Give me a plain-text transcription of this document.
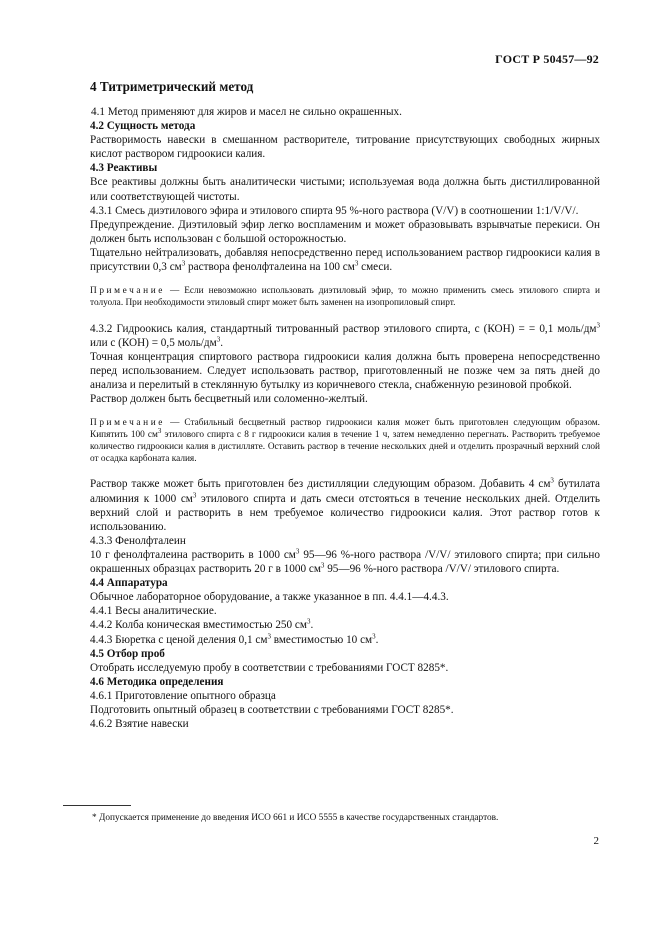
ГОСТ Р 50457—92

4 Титриметрический метод

4.1 Метод применяют для жиров и масел не сильно окрашенных.

4.2 Сущность метода

Растворимость навески в смешанном растворителе, титрование присутствующих свободных жирных кислот раствором гидроокиси калия.

4.3 Реактивы

Все реактивы должны быть аналитически чистыми; используемая вода должна быть дистиллированной или соответствующей чистоты.

4.3.1 Смесь диэтилового эфира и этилового спирта 95 %-ного раствора (V/V) в соотношении 1:1/V/V/.

Предупреждение. Диэтиловый эфир легко воспламеним и может образовывать взрывчатые перекиси. Он должен быть использован с большой осторожностью.

Тщательно нейтрализовать, добавляя непосредственно перед использованием раствор гидроокиси калия в присутствии 0,3 $см^3$ раствора фенолфталеина на 100 $см^3$ смеси.

Примечание — Если невозможно использовать диэтиловый эфир, то можно применить смесь этилового спирта и толуола. При необходимости этиловый спирт может быть заменен на изопропиловый спирт.

4.3.2 Гидроокись калия, стандартный титрованный раствор этилового спирта, с (КОН) = = 0,1 моль/$дм^3$ или с (КОН) = 0,5 моль/$дм^3$.

Точная концентрация спиртового раствора гидроокиси калия должна быть проверена непосредственно перед использованием. Следует использовать раствор, приготовленный не позже чем за пять дней до анализа и перелитый в стеклянную бутылку из коричневого стекла, снабженную резиновой пробкой.

Раствор должен быть бесцветный или соломенно-желтый.

Примечание — Стабильный бесцветный раствор гидроокиси калия может быть приготовлен следующим образом. Кипятить 100 $см^3$ этилового спирта с 8 г гидроокиси калия в течение 1 ч, затем немедленно перегнать. Растворить требуемое количество гидроокиси калия в дистилляте. Оставить раствор в течение нескольких дней и отделить прозрачный верхний слой от осадка карбоната калия.

Раствор также может быть приготовлен без дистилляции следующим образом. Добавить 4 $см^3$ бутилата алюминия к 1000 $см^3$ этилового спирта и дать смеси отстояться в течение нескольких дней. Отделить верхний слой и растворить в нем требуемое количество гидроокиси калия. Этот раствор готов к использованию.

4.3.3 Фенолфталеин

10 г фенолфталеина растворить в 1000 $см^3$ 95—96 %-ного раствора /V/V/ этилового спирта; при сильно окрашенных образцах растворить 20 г в 1000 $см^3$ 95—96 %-ного раствора /V/V/ этилового спирта.

4.4 Аппаратура

Обычное лабораторное оборудование, а также указанное в пп. 4.4.1—4.4.3.

4.4.1 Весы аналитические.

4.4.2 Колба коническая вместимостью 250 $см^3$.

4.4.3 Бюретка с ценой деления 0,1 $см^3$ вместимостью 10 $см^3$.

4.5 Отбор проб

Отобрать исследуемую пробу в соответствии с требованиями ГОСТ 8285*.

4.6 Методика определения

4.6.1 Приготовление опытного образца

Подготовить опытный образец в соответствии с требованиями ГОСТ 8285*.

4.6.2 Взятие навески

* Допускается применение до введения ИСО 661 и ИСО 5555 в качестве государственных стандартов.
2
